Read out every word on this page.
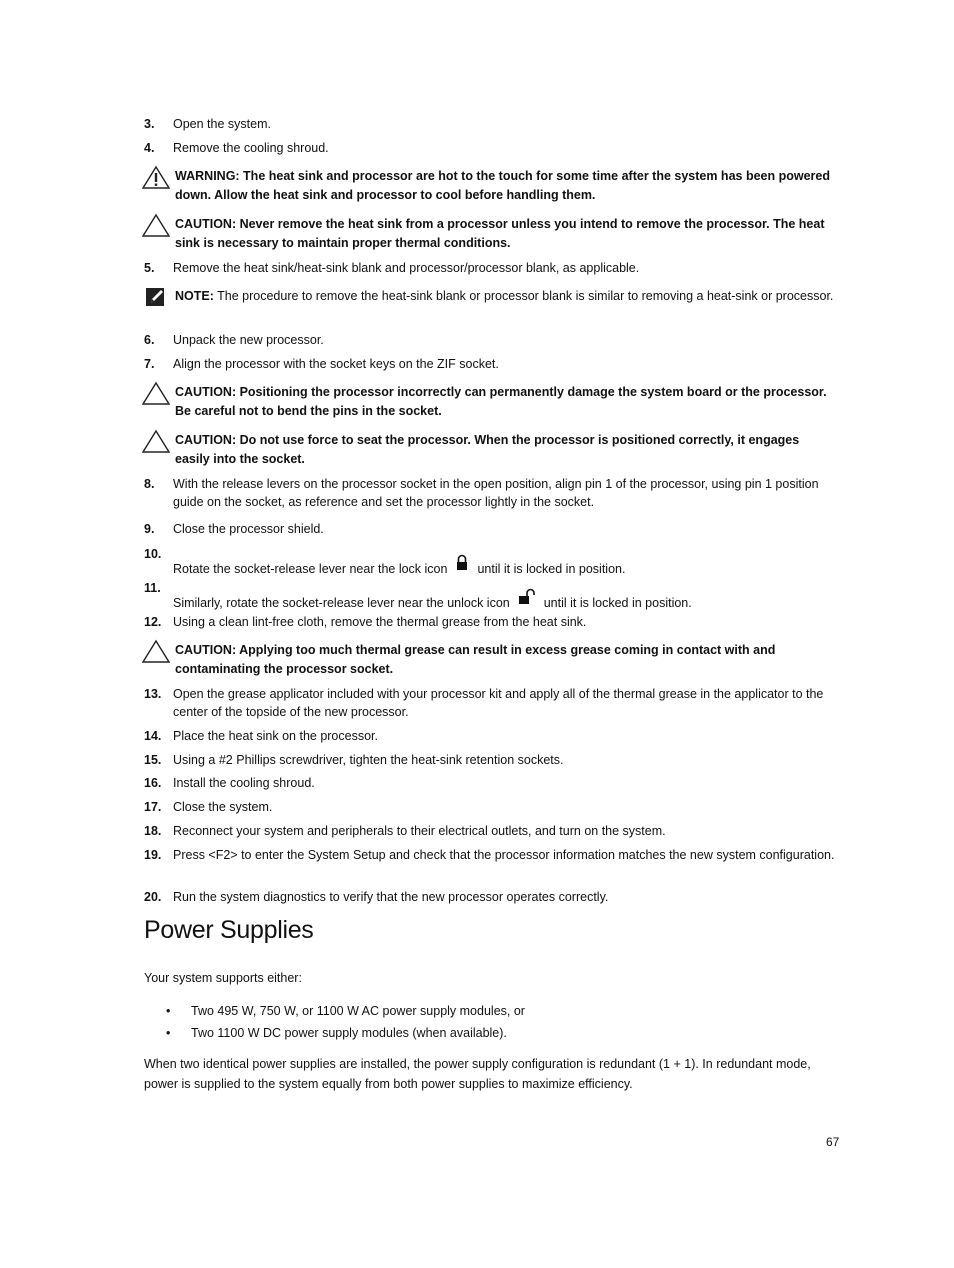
3. Open the system.
4. Remove the cooling shroud.
WARNING: The heat sink and processor are hot to the touch for some time after the system has been powered down. Allow the heat sink and processor to cool before handling them.
CAUTION: Never remove the heat sink from a processor unless you intend to remove the processor. The heat sink is necessary to maintain proper thermal conditions.
5. Remove the heat sink/heat-sink blank and processor/processor blank, as applicable.
NOTE: The procedure to remove the heat-sink blank or processor blank is similar to removing a heat-sink or processor.
6. Unpack the new processor.
7. Align the processor with the socket keys on the ZIF socket.
CAUTION: Positioning the processor incorrectly can permanently damage the system board or the processor. Be careful not to bend the pins in the socket.
CAUTION: Do not use force to seat the processor. When the processor is positioned correctly, it engages easily into the socket.
8. With the release levers on the processor socket in the open position, align pin 1 of the processor, using pin 1 position guide on the socket, as reference and set the processor lightly in the socket.
9. Close the processor shield.
10.
Rotate the socket-release lever near the lock icon until it is locked in position.
11.
Similarly, rotate the socket-release lever near the unlock icon	until it is locked in position.
12. Using a clean lint-free cloth, remove the thermal grease from the heat sink.
CAUTION: Applying too much thermal grease can result in excess grease coming in contact with and contaminating the processor socket.
13. Open the grease applicator included with your processor kit and apply all of the thermal grease in the applicator to the center of the topside of the new processor.
14. Place the heat sink on the processor.
15. Using a #2 Phillips screwdriver, tighten the heat-sink retention sockets.
16. Install the cooling shroud.
17. Close the system.
18. Reconnect your system and peripherals to their electrical outlets, and turn on the system.
19. Press <F2> to enter the System Setup and check that the processor information matches the new system configuration.
20. Run the system diagnostics to verify that the new processor operates correctly.
Power Supplies
Your system supports either:
• Two 495 W, 750 W, or 1100 W AC power supply modules, or
• Two 1100 W DC power supply modules (when available).
When two identical power supplies are installed, the power supply configuration is redundant (1 + 1). In redundant mode, power is supplied to the system equally from both power supplies to maximize efficiency.
67
